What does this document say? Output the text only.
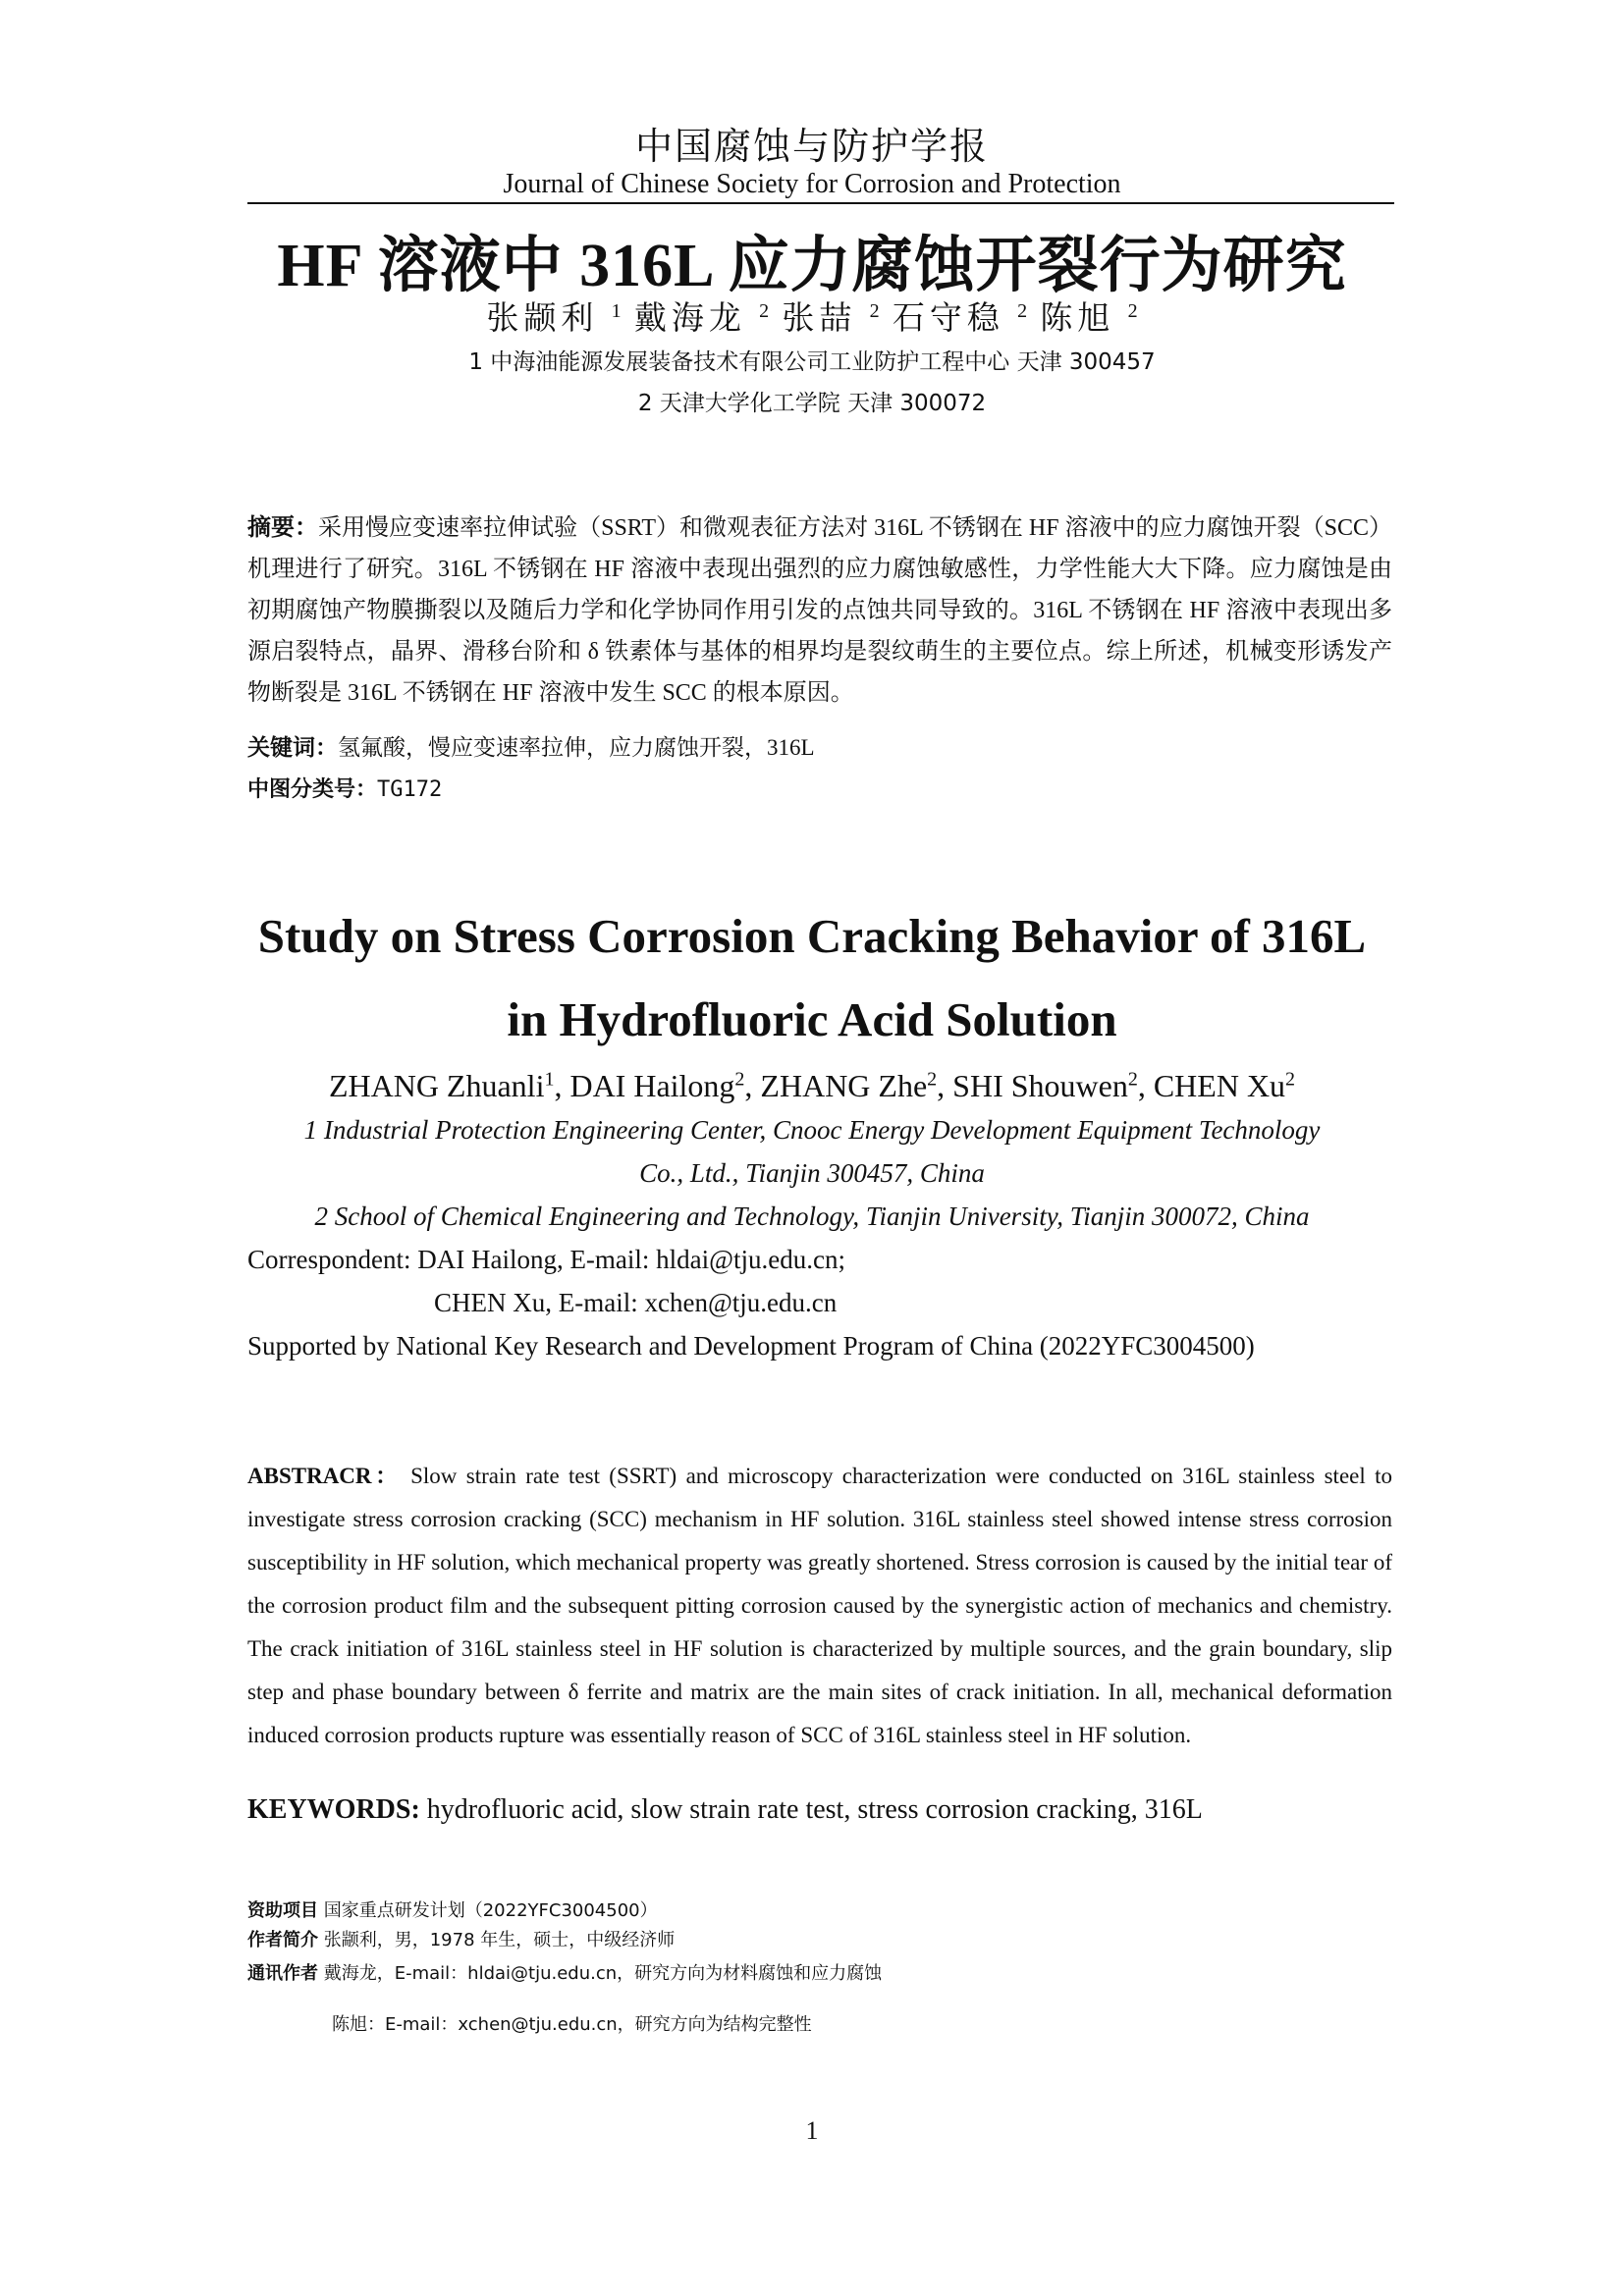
中国腐蚀与防护学报
Journal of Chinese Society for Corrosion and Protection
HF 溶液中 316L 应力腐蚀开裂行为研究
张颛利 $^1$ 戴海龙 $^2$ 张喆 $^2$ 石守稳 $^2$ 陈旭 $^2$
1 中海油能源发展装备技术有限公司工业防护工程中心 天津 300457
2 天津大学化工学院 天津 300072
摘要：采用慢应变速率拉伸试验（SSRT）和微观表征方法对 316L 不锈钢在 HF 溶液中的应力腐蚀开裂（SCC）机理进行了研究。316L 不锈钢在 HF 溶液中表现出强烈的应力腐蚀敏感性，力学性能大大下降。应力腐蚀是由初期腐蚀产物膜撕裂以及随后力学和化学协同作用引发的点蚀共同导致的。316L 不锈钢在 HF 溶液中表现出多源启裂特点，晶界、滑移台阶和 δ 铁素体与基体的相界均是裂纹萌生的主要位点。综上所述，机械变形诱发产物断裂是 316L 不锈钢在 HF 溶液中发生 SCC 的根本原因。
关键词：氢氟酸，慢应变速率拉伸，应力腐蚀开裂，316L
中图分类号：TG172
Study on Stress Corrosion Cracking Behavior of 316L
in Hydrofluoric Acid Solution
ZHANG Zhuanli$^1$, DAI Hailong$^2$, ZHANG Zhe$^2$, SHI Shouwen$^2$, CHEN Xu$^2$
1 Industrial Protection Engineering Center, Cnooc Energy Development Equipment Technology
Co., Ltd., Tianjin 300457, China
2 School of Chemical Engineering and Technology, Tianjin University, Tianjin 300072, China
Correspondent: DAI Hailong, E-mail: hldai@tju.edu.cn;
CHEN Xu, E-mail: xchen@tju.edu.cn
Supported by National Key Research and Development Program of China (2022YFC3004500)
ABSTRACR： Slow strain rate test (SSRT) and microscopy characterization were conducted on 316L stainless steel to investigate stress corrosion cracking (SCC) mechanism in HF solution. 316L stainless steel showed intense stress corrosion susceptibility in HF solution, which mechanical property was greatly shortened. Stress corrosion is caused by the initial tear of the corrosion product film and the subsequent pitting corrosion caused by the synergistic action of mechanics and chemistry. The crack initiation of 316L stainless steel in HF solution is characterized by multiple sources, and the grain boundary, slip step and phase boundary between δ ferrite and matrix are the main sites of crack initiation. In all, mechanical deformation induced corrosion products rupture was essentially reason of SCC of 316L stainless steel in HF solution.
KEYWORDS: hydrofluoric acid, slow strain rate test, stress corrosion cracking, 316L
资助项目 国家重点研发计划（2022YFC3004500）
作者简介 张颛利，男，1978 年生，硕士，中级经济师
通讯作者 戴海龙，E-mail：hldai@tju.edu.cn，研究方向为材料腐蚀和应力腐蚀
陈旭：E-mail：xchen@tju.edu.cn，研究方向为结构完整性
1
